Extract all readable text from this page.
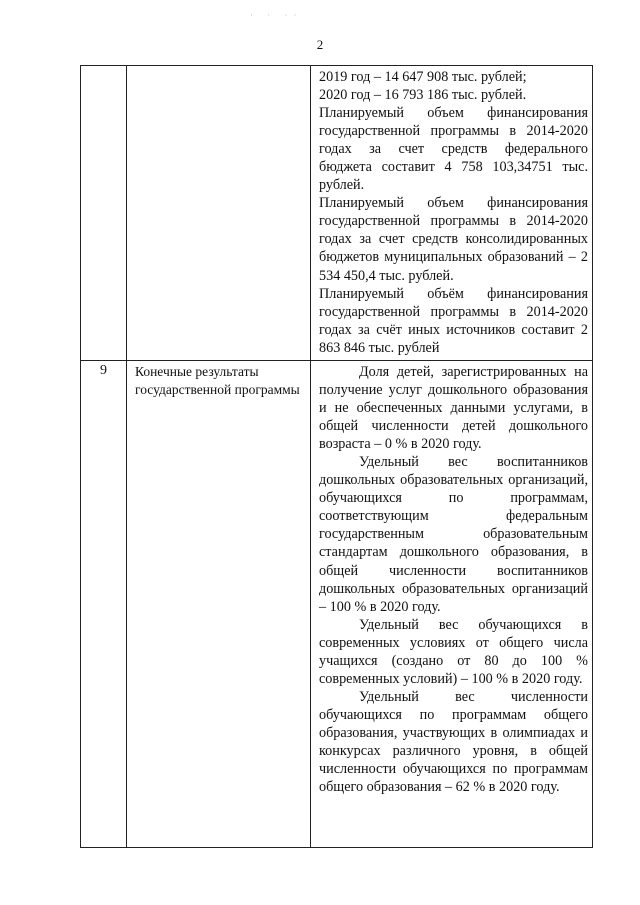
· · ··
2

		2019 год – 14 647 908 тыс. рублей;

2020 год – 16 793 186 тыс. рублей.

Планируемый объем финансирования государственной программы в 2014-2020 годах за счет средств федерального бюджета составит 4 758 103,34751 тыс. рублей.

Планируемый объем финансирования государственной программы в 2014-2020 годах за счет средств консолидированных бюджетов муниципальных образований – 2 534 450,4 тыс. рублей.

Планируемый объём финансирования государственной программы в 2014-2020 годах за счёт иных источников составит 2 863 846 тыс. рублей

9	Конечные результаты государственной программы	Доля детей, зарегистрированных на получение услуг дошкольного образования и не обеспеченных данными услугами, в общей численности детей дошкольного возраста – 0 % в 2020 году.

Удельный вес воспитанников дошкольных образовательных организаций, обучающихся по программам, соответствующим федеральным государственным образовательным стандартам дошкольного образования, в общей численности воспитанников дошкольных образовательных организаций – 100 % в 2020 году.

Удельный вес обучающихся в современных условиях от общего числа учащихся (создано от 80 до 100 % современных условий) – 100 % в 2020 году.

Удельный вес численности обучающихся по программам общего образования, участвующих в олимпиадах и конкурсах различного уровня, в общей численности обучающихся по программам общего образования – 62 % в 2020 году.
